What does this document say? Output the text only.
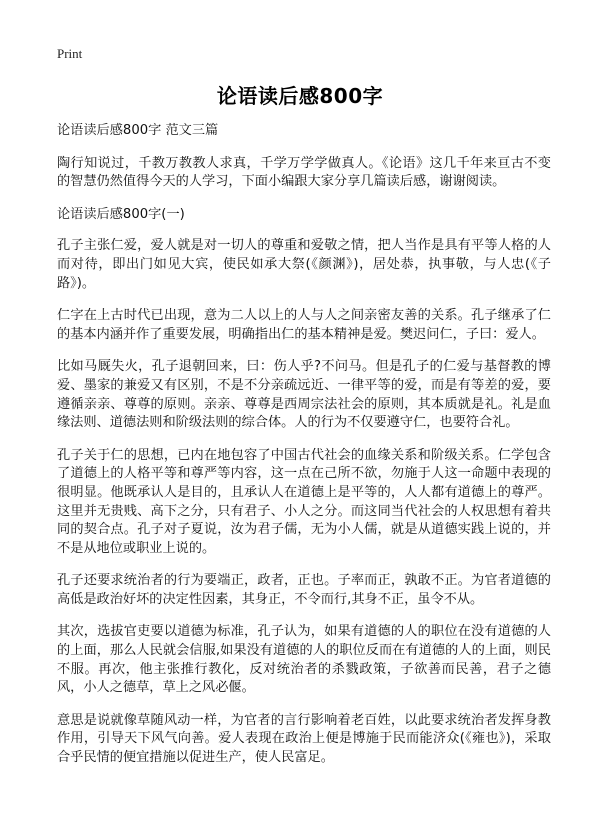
Print
论语读后感800字

论语读后感800字 范文三篇

陶行知说过，千教万教教人求真，千学万学学做真人。《论语》这几千年来亘古不变的智慧仍然值得今天的人学习，下面小编跟大家分享几篇读后感，谢谢阅读。

论语读后感800字(一)

孔子主张仁爱，爱人就是对一切人的尊重和爱敬之情，把人当作是具有平等人格的人而对待，即出门如见大宾，使民如承大祭(《颜渊》)，居处恭，执事敬，与人忠(《子路》)。

仁字在上古时代已出现，意为二人以上的人与人之间亲密友善的关系。孔子继承了仁的基本内涵并作了重要发展，明确指出仁的基本精神是爱。樊迟问仁，子曰：爱人。

比如马厩失火，孔子退朝回来，曰：伤人乎?不问马。但是孔子的仁爱与基督教的博爱、墨家的兼爱又有区别，不是不分亲疏远近、一律平等的爱，而是有等差的爱，要遵循亲亲、尊尊的原则。亲亲、尊尊是西周宗法社会的原则，其本质就是礼。礼是血缘法则、道德法则和阶级法则的综合体。人的行为不仅要遵守仁，也要符合礼。

孔子关于仁的思想，已内在地包容了中国古代社会的血缘关系和阶级关系。仁学包含了道德上的人格平等和尊严等内容，这一点在己所不欲，勿施于人这一命题中表现的很明显。他既承认人是目的，且承认人在道德上是平等的，人人都有道德上的尊严。这里并无贵贱、高下之分，只有君子、小人之分。而这同当代社会的人权思想有着共同的契合点。孔子对子夏说，汝为君子儒，无为小人儒，就是从道德实践上说的，并不是从地位或职业上说的。

孔子还要求统治者的行为要端正，政者，正也。子率而正，孰敢不正。为官者道德的高低是政治好坏的决定性因素，其身正，不令而行,其身不正，虽令不从。

其次，选拔官吏要以道德为标准，孔子认为，如果有道德的人的职位在没有道德的人的上面，那么人民就会信服,如果没有道德的人的职位反而在有道德的人的上面，则民不服。再次，他主张推行教化，反对统治者的杀戮政策，子欲善而民善，君子之德风，小人之德草，草上之风必偃。

意思是说就像草随风动一样，为官者的言行影响着老百姓，以此要求统治者发挥身教作用，引导天下风气向善。爱人表现在政治上便是博施于民而能济众(《雍也》)，采取合乎民情的便宜措施以促进生产，使人民富足。
